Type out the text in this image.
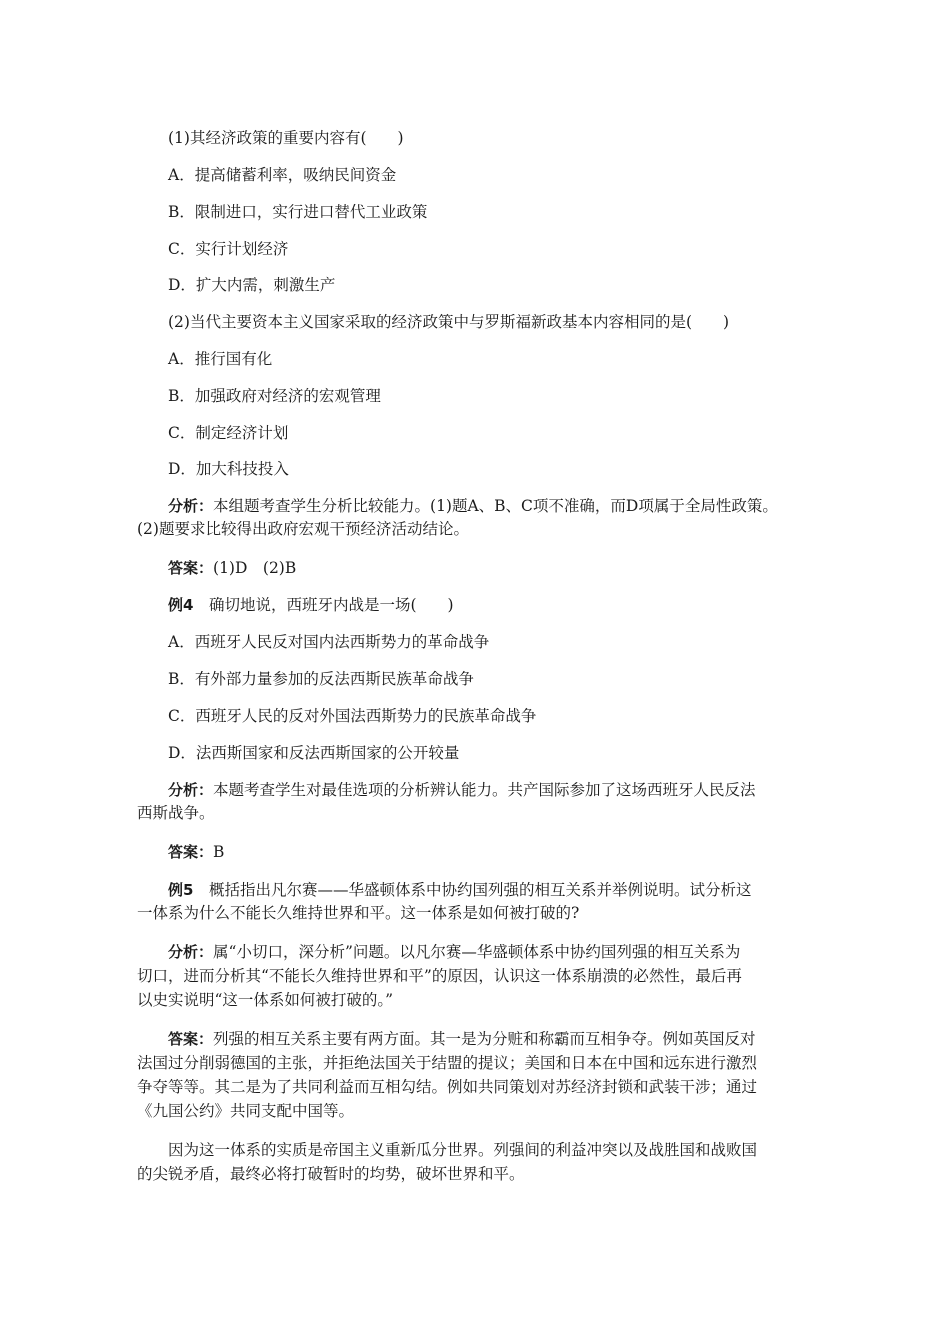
(1)其经济政策的重要内容有(　　)
A．提高储蓄利率，吸纳民间资金
B．限制进口，实行进口替代工业政策
C．实行计划经济
D．扩大内需，刺激生产
(2)当代主要资本主义国家采取的经济政策中与罗斯福新政基本内容相同的是(　　)
A．推行国有化
B．加强政府对经济的宏观管理
C．制定经济计划
D．加大科技投入
分析：本组题考查学生分析比较能力。(1)题A、B、C项不准确，而D项属于全局性政策。
(2)题要求比较得出政府宏观干预经济活动结论。
答案：(1)D　(2)B
例4　确切地说，西班牙内战是一场(　　)
A．西班牙人民反对国内法西斯势力的革命战争
B．有外部力量参加的反法西斯民族革命战争
C．西班牙人民的反对外国法西斯势力的民族革命战争
D．法西斯国家和反法西斯国家的公开较量
分析：本题考查学生对最佳选项的分析辨认能力。共产国际参加了这场西班牙人民反法
西斯战争。
答案：B
例5　概括指出凡尔赛——华盛顿体系中协约国列强的相互关系并举例说明。试分析这
一体系为什么不能长久维持世界和平。这一体系是如何被打破的?
分析：属“小切口，深分析”问题。以凡尔赛—华盛顿体系中协约国列强的相互关系为
切口，进而分析其“不能长久维持世界和平”的原因，认识这一体系崩溃的必然性，最后再
以史实说明“这一体系如何被打破的。”
答案：列强的相互关系主要有两方面。其一是为分赃和称霸而互相争夺。例如英国反对
法国过分削弱德国的主张，并拒绝法国关于结盟的提议；美国和日本在中国和远东进行激烈
争夺等等。其二是为了共同利益而互相勾结。例如共同策划对苏经济封锁和武装干涉；通过
《九国公约》共同支配中国等。
因为这一体系的实质是帝国主义重新瓜分世界。列强间的利益冲突以及战胜国和战败国
的尖锐矛盾，最终必将打破暂时的均势，破坏世界和平。
